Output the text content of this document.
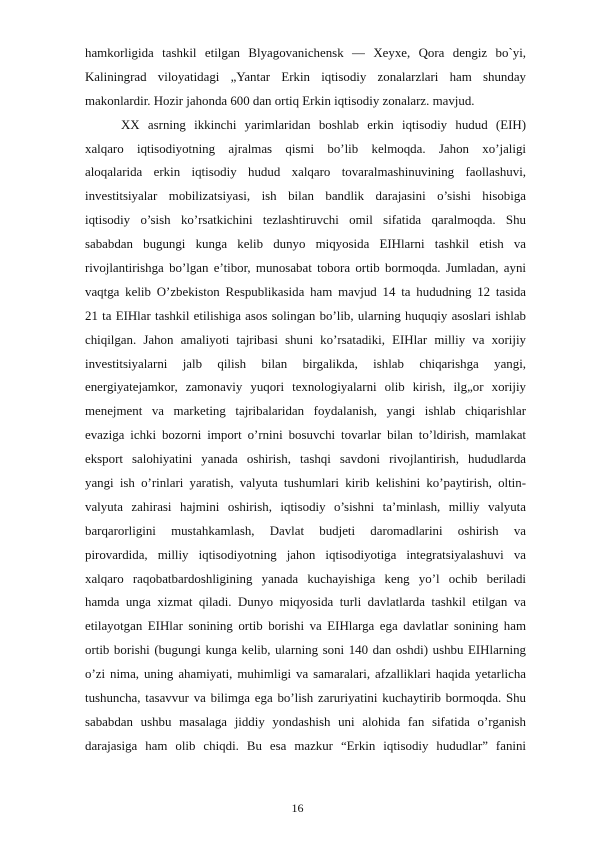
hamkorligida tashkil etilgan Blyagovanichensk — Xeyxe, Qora dengiz bo`yi,
Kaliningrad viloyatidagi „Yantar Erkin iqtisodiy zonalarzlari ham shunday
makonlardir. Hozir jahonda 600 dan ortiq Erkin iqtisodiy zonalarz. mavjud.
XX asrning ikkinchi yarimlaridan boshlab erkin iqtisodiy hudud (EIH)
xalqaro iqtisodiyotning ajralmas qismi bo’lib kelmoqda. Jahon xo’jaligi
aloqalarida erkin iqtisodiy hudud xalqaro tovaralmashinuvining faollashuvi,
investitsiyalar mobilizatsiyasi, ish bilan bandlik darajasini o’sishi hisobiga
iqtisodiy o’sish ko’rsatkichini tezlashtiruvchi omil sifatida qaralmoqda. Shu
sababdan bugungi kunga kelib dunyo miqyosida EIHlarni tashkil etish va
rivojlantirishga bo’lgan e’tibor, munosabat tobora ortib bormoqda. Jumladan, ayni
vaqtga kelib O’zbekiston Respublikasida ham mavjud 14 ta hududning 12 tasida
21 ta EIHlar tashkil etilishiga asos solingan bo’lib, ularning huquqiy asoslari ishlab
chiqilgan. Jahon amaliyoti tajribasi shuni ko’rsatadiki, EIHlar milliy va xorijiy
investitsiyalarni jalb qilish bilan birgalikda, ishlab chiqarishga yangi,
energiyatejamkor, zamonaviy yuqori texnologiyalarni olib kirish, ilg„or xorijiy
menejment va marketing tajribalaridan foydalanish, yangi ishlab chiqarishlar
evaziga ichki bozorni import o’rnini bosuvchi tovarlar bilan to’ldirish, mamlakat
eksport salohiyatini yanada oshirish, tashqi savdoni rivojlantirish, hududlarda
yangi ish o’rinlari yaratish, valyuta tushumlari kirib kelishini ko’paytirish, oltin-
valyuta zahirasi hajmini oshirish, iqtisodiy o’sishni ta’minlash, milliy valyuta
barqarorligini mustahkamlash, Davlat budjeti daromadlarini oshirish va
pirovardida, milliy iqtisodiyotning jahon iqtisodiyotiga integratsiyalashuvi va
xalqaro raqobatbardoshligining yanada kuchayishiga keng yo’l ochib beriladi
hamda unga xizmat qiladi. Dunyo miqyosida turli davlatlarda tashkil etilgan va
etilayotgan EIHlar sonining ortib borishi va EIHlarga ega davlatlar sonining ham
ortib borishi (bugungi kunga kelib, ularning soni 140 dan oshdi) ushbu EIHlarning
o’zi nima, uning ahamiyati, muhimligi va samaralari, afzalliklari haqida yetarlicha
tushuncha, tasavvur va bilimga ega bo’lish zaruriyatini kuchaytirib bormoqda. Shu
sababdan ushbu masalaga jiddiy yondashish uni alohida fan sifatida o’rganish
darajasiga ham olib chiqdi. Bu esa mazkur “Erkin iqtisodiy hududlar” fanini
16
